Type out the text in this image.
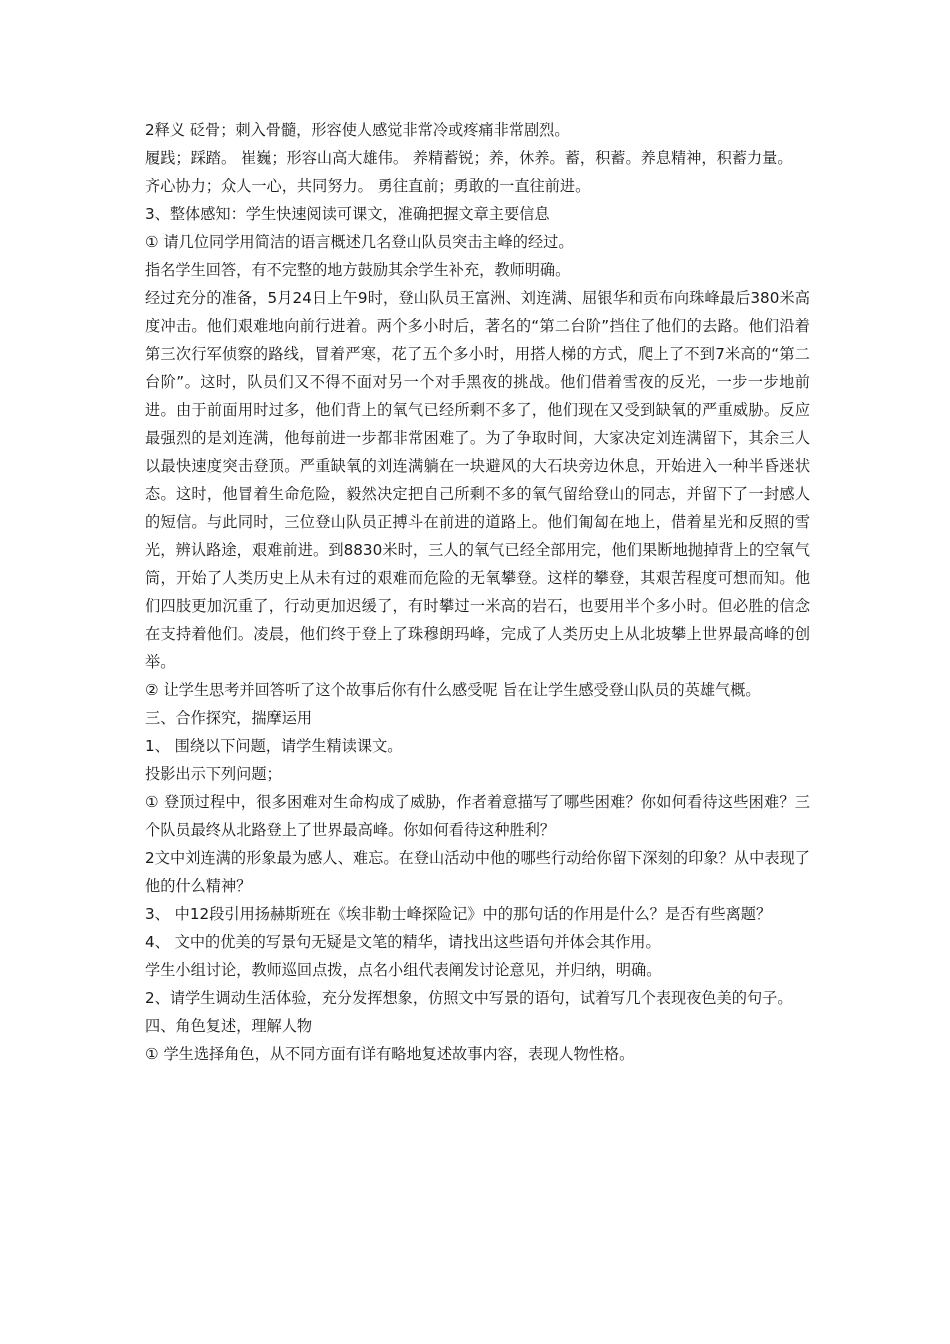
2释义 砭骨；刺入骨髓，形容使人感觉非常冷或疼痛非常剧烈。

履践；踩踏。 崔巍；形容山高大雄伟。 养精蓄锐；养，休养。蓄，积蓄。养息精神，积蓄力量。

齐心协力；众人一心，共同努力。 勇往直前；勇敢的一直往前进。

3、整体感知：学生快速阅读可课文，准确把握文章主要信息

① 请几位同学用简洁的语言概述几名登山队员突击主峰的经过。

指名学生回答，有不完整的地方鼓励其余学生补充，教师明确。

经过充分的准备，5月24日上午9时，登山队员王富洲、刘连满、屈银华和贡布向珠峰最后380米高度冲击。他们艰难地向前行进着。两个多小时后，著名的“第二台阶”挡住了他们的去路。他们沿着第三次行军侦察的路线，冒着严寒，花了五个多小时，用搭人梯的方式，爬上了不到7米高的“第二台阶”。这时，队员们又不得不面对另一个对手黑夜的挑战。他们借着雪夜的反光，一步一步地前进。由于前面用时过多，他们背上的氧气已经所剩不多了，他们现在又受到缺氧的严重威胁。反应最强烈的是刘连满，他每前进一步都非常困难了。为了争取时间，大家决定刘连满留下，其余三人以最快速度突击登顶。严重缺氧的刘连满躺在一块避风的大石块旁边休息，开始进入一种半昏迷状态。这时，他冒着生命危险，毅然决定把自己所剩不多的氧气留给登山的同志，并留下了一封感人的短信。与此同时，三位登山队员正搏斗在前进的道路上。他们匍匐在地上，借着星光和反照的雪光，辨认路途，艰难前进。到8830米时，三人的氧气已经全部用完，他们果断地抛掉背上的空氧气筒，开始了人类历史上从未有过的艰难而危险的无氧攀登。这样的攀登，其艰苦程度可想而知。他们四肢更加沉重了，行动更加迟缓了，有时攀过一米高的岩石，也要用半个多小时。但必胜的信念在支持着他们。凌晨，他们终于登上了珠穆朗玛峰，完成了人类历史上从北坡攀上世界最高峰的创举。

② 让学生思考并回答听了这个故事后你有什么感受呢 旨在让学生感受登山队员的英雄气概。

三、合作探究，揣摩运用

1、 围绕以下问题，请学生精读课文。

投影出示下列问题；

① 登顶过程中，很多困难对生命构成了威胁，作者着意描写了哪些困难？你如何看待这些困难？三个队员最终从北路登上了世界最高峰。你如何看待这种胜利？

2文中刘连满的形象最为感人、难忘。在登山活动中他的哪些行动给你留下深刻的印象？从中表现了他的什么精神？

3、 中12段引用扬赫斯班在《埃非勒士峰探险记》中的那句话的作用是什么？是否有些离题？

4、 文中的优美的写景句无疑是文笔的精华，请找出这些语句并体会其作用。

学生小组讨论，教师巡回点拨，点名小组代表阐发讨论意见，并归纳，明确。

2、请学生调动生活体验，充分发挥想象，仿照文中写景的语句，试着写几个表现夜色美的句子。

四、角色复述，理解人物

① 学生选择角色，从不同方面有详有略地复述故事内容，表现人物性格。
